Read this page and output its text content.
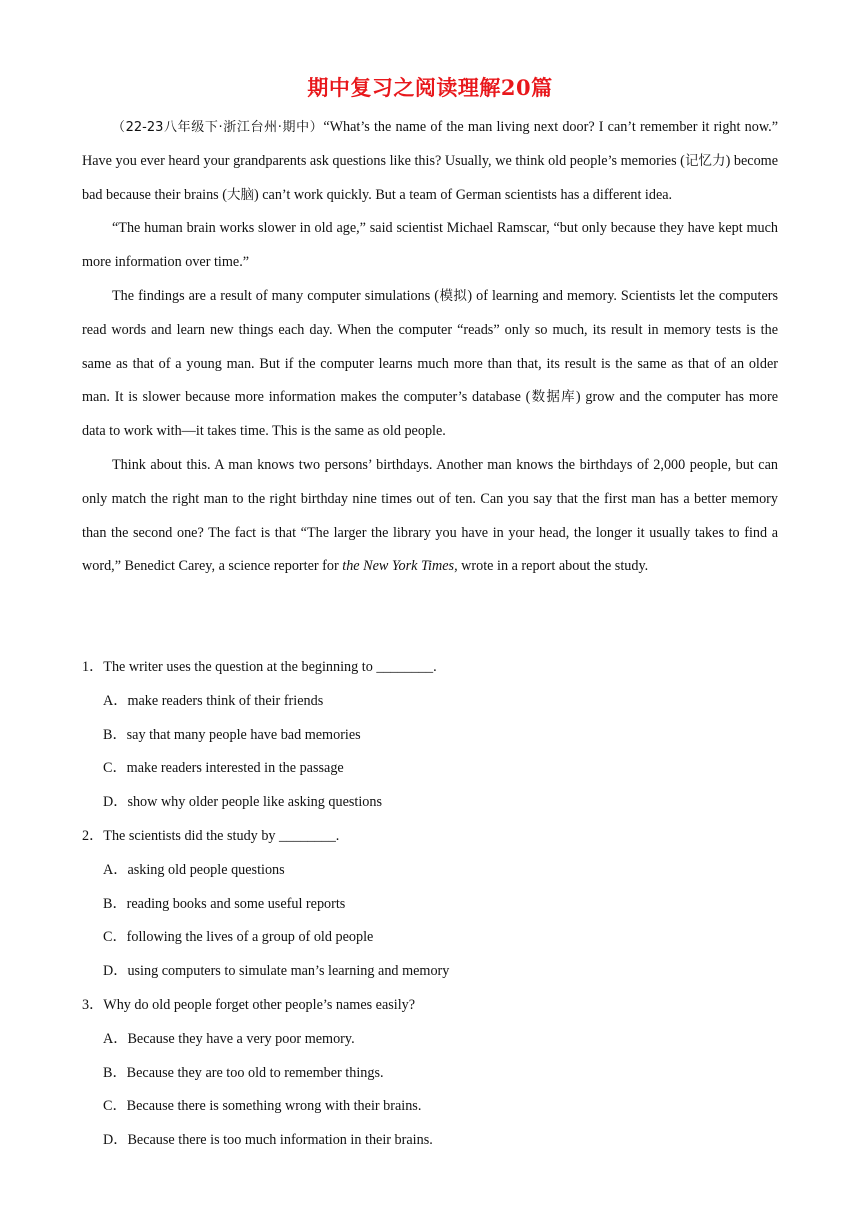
期中复习之阅读理解20篇

（22-23八年级下·浙江台州·期中）“What’s the name of the man living next door? I can’t remember it right now.” Have you ever heard your grandparents ask questions like this? Usually, we think old people’s memories (记忆力) become bad because their brains (大脑) can’t work quickly. But a team of German scientists has a different idea.

“The human brain works slower in old age,” said scientist Michael Ramscar, “but only because they have kept much more information over time.”

The findings are a result of many computer simulations (模拟) of learning and memory. Scientists let the computers read words and learn new things each day. When the computer “reads” only so much, its result in memory tests is the same as that of a young man. But if the computer learns much more than that, its result is the same as that of an older man. It is slower because more information makes the computer’s database (数据库) grow and the computer has more data to work with—it takes time. This is the same as old people.

Think about this. A man knows two persons’ birthdays. Another man knows the birthdays of 2,000 people, but can only match the right man to the right birthday nine times out of ten. Can you say that the first man has a better memory than the second one? The fact is that “The larger the library you have in your head, the longer it usually takes to find a word,” Benedict Carey, a science reporter for the New York Times, wrote in a report about the study.

1．The writer uses the question at the beginning to ________.
A．make readers think of their friends
B．say that many people have bad memories
C．make readers interested in the passage
D．show why older people like asking questions
2．The scientists did the study by ________.
A．asking old people questions
B．reading books and some useful reports
C．following the lives of a group of old people
D．using computers to simulate man’s learning and memory
3．Why do old people forget other people’s names easily?
A．Because they have a very poor memory.
B．Because they are too old to remember things.
C．Because there is something wrong with their brains.
D．Because there is too much information in their brains.
